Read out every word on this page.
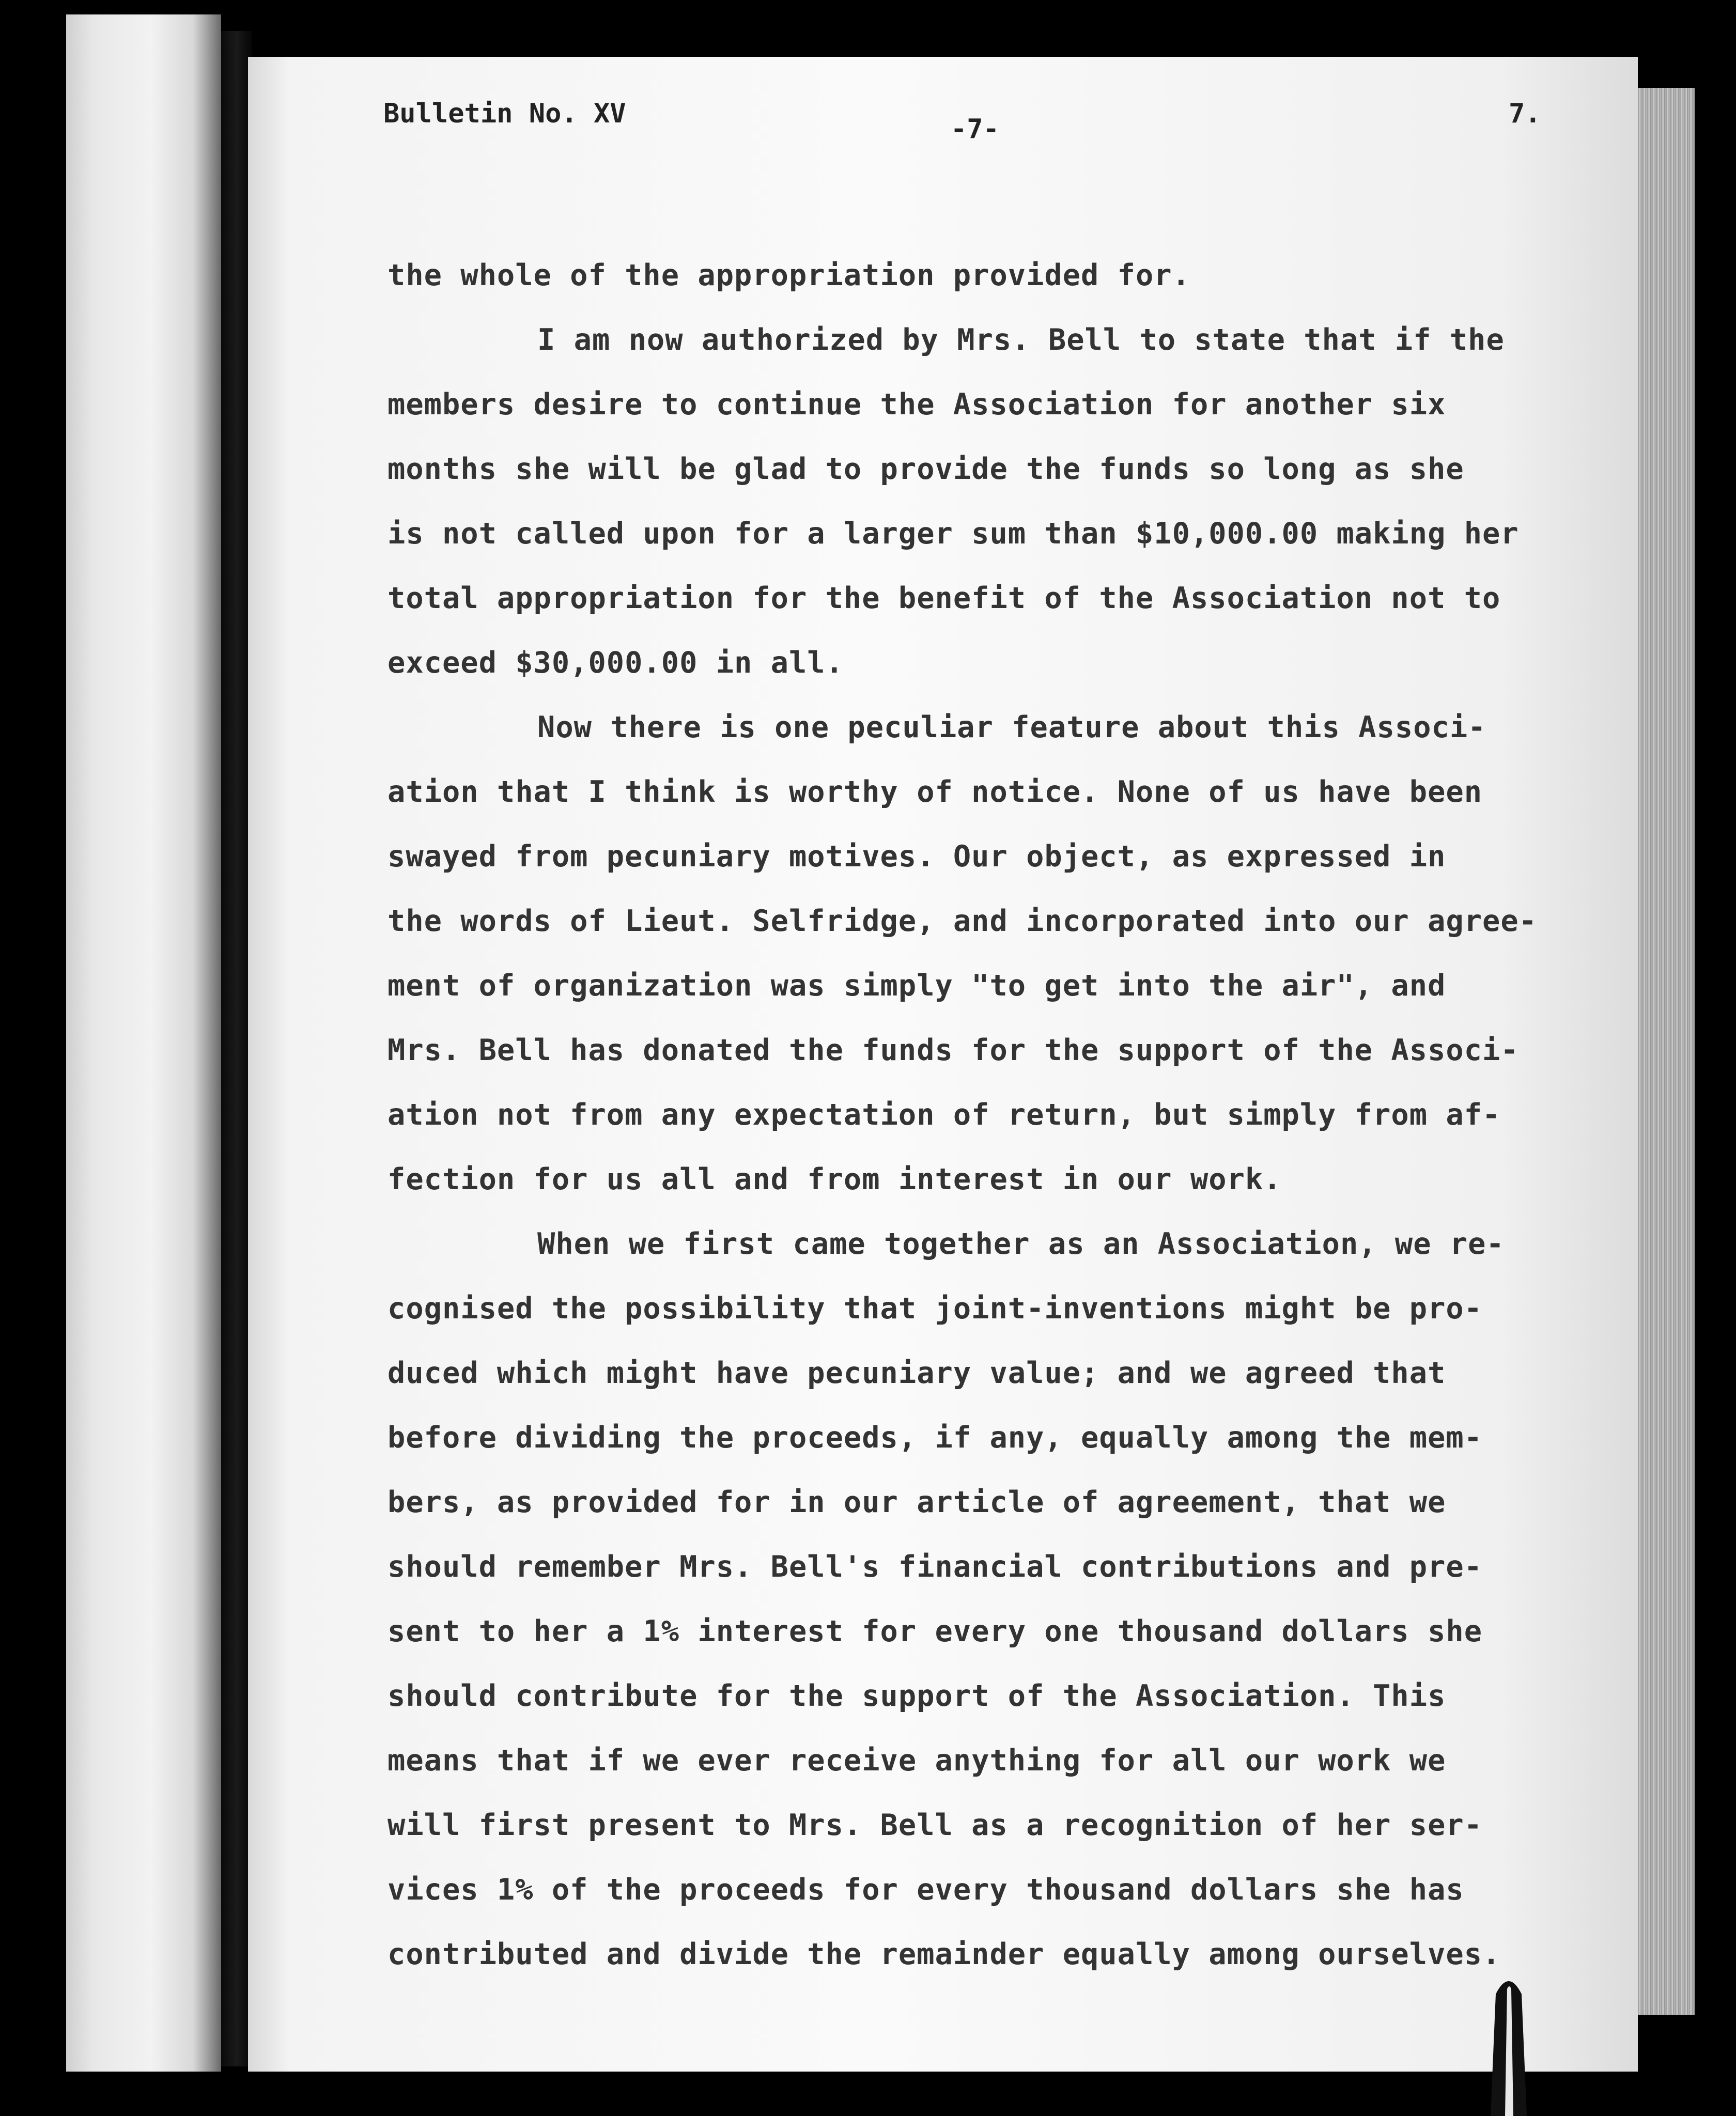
Bulletin No. XV	-7-	7.
the whole of the appropriation provided for.
I am now authorized by Mrs. Bell to state that if the
members desire to continue the Association for another six
months she will be glad to provide the funds so long as she
is not called upon for a larger sum than $10,000.00 making her
total appropriation for the benefit of the Association not to
exceed $30,000.00 in all.
Now there is one peculiar feature about this Associ-
ation that I think is worthy of notice. None of us have been
swayed from pecuniary motives. Our object, as expressed in
the words of Lieut. Selfridge, and incorporated into our agree-
ment of organization was simply "to get into the air", and
Mrs. Bell has donated the funds for the support of the Associ-
ation not from any expectation of return, but simply from af-
fection for us all and from interest in our work.
When we first came together as an Association, we re-
cognised the possibility that joint-inventions might be pro-
duced which might have pecuniary value; and we agreed that
before dividing the proceeds, if any, equally among the mem-
bers, as provided for in our article of agreement, that we
should remember Mrs. Bell's financial contributions and pre-
sent to her a 1% interest for every one thousand dollars she
should contribute for the support of the Association. This
means that if we ever receive anything for all our work we
will first present to Mrs. Bell as a recognition of her ser-
vices 1% of the proceeds for every thousand dollars she has
contributed and divide the remainder equally among ourselves.
